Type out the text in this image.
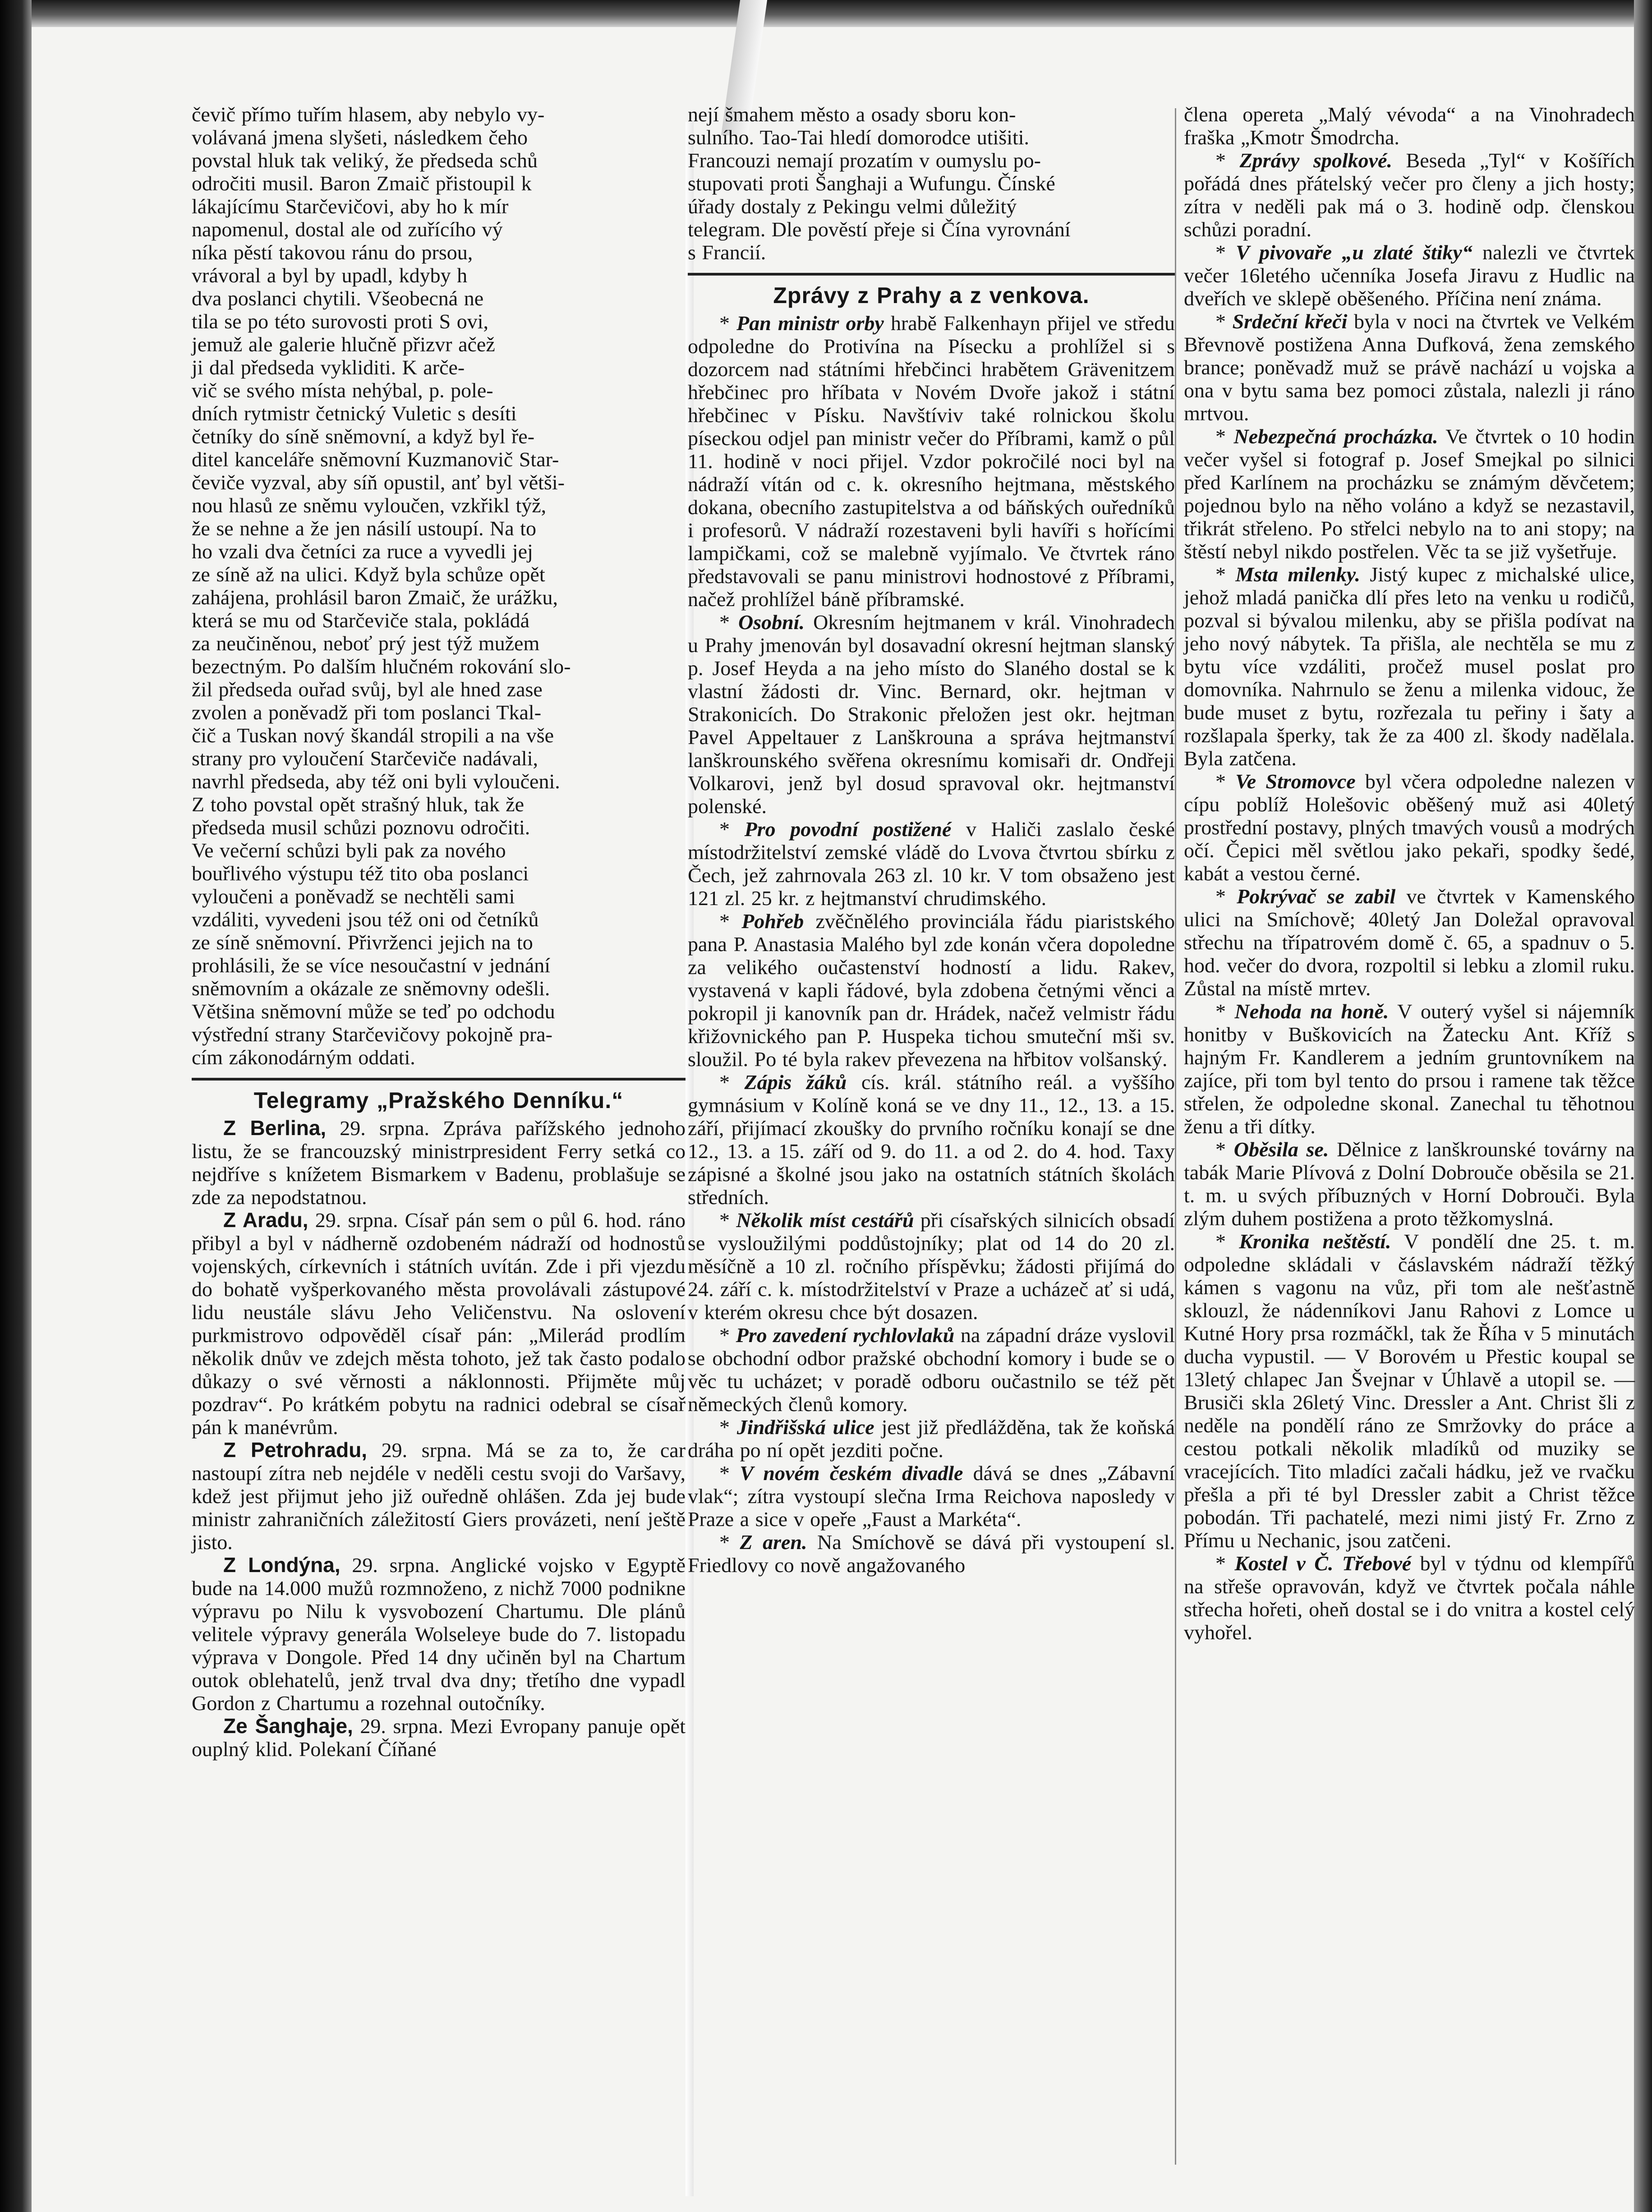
čevič přímo tuřím hlasem, aby nebylo vy-

volávaná jmena slyšeti, následkem čeho

povstal hluk tak veliký, že předseda schů

odročiti musil. Baron Zmaič přistoupil k

lákajícímu Starčevičovi, aby ho k mír

napomenul, dostal ale od zuřícího vý

níka pěstí takovou ránu do prsou,

vrávoral a byl by upadl, kdyby h

dva poslanci chytili. Všeobecná ne

tila se po této surovosti proti S ovi,

jemuž ale galerie hlučně přizvr ačež

ji dal předseda vykliditi. K arče-

vič se svého místa nehýbal, p. pole-

dních rytmistr četnický Vuletic s desíti

četníky do síně sněmovní, a když byl ře-

ditel kanceláře sněmovní Kuzmanovič Star-

čeviče vyzval, aby síň opustil, anť byl větši-

nou hlasů ze sněmu vyloučen, vzkřikl týž,

že se nehne a že jen násilí ustoupí. Na to

ho vzali dva četníci za ruce a vyvedli jej

ze síně až na ulici. Když byla schůze opět

zahájena, prohlásil baron Zmaič, že urážku,

která se mu od Starčeviče stala, pokládá

za neučiněnou, neboť prý jest týž mužem

bezectným. Po dalším hlučném rokování slo-

žil předseda ouřad svůj, byl ale hned zase

zvolen a poněvadž při tom poslanci Tkal-

čič a Tuskan nový škandál stropili a na vše

strany pro vyloučení Starčeviče nadávali,

navrhl předseda, aby též oni byli vyloučeni.

Z toho povstal opět strašný hluk, tak že

předseda musil schůzi poznovu odročiti.

Ve večerní schůzi byli pak za nového

bouřlivého výstupu též tito oba poslanci

vyloučeni a poněvadž se nechtěli sami

vzdáliti, vyvedeni jsou též oni od četníků

ze síně sněmovní. Přivrženci jejich na to

prohlásili, že se více nesoučastní v jednání

sněmovním a okázale ze sněmovny odešli.

Většina sněmovní může se teď po odchodu

výstřední strany Starčevičovy pokojně pra-

cím zákonodárným oddati.

Telegramy „Pražského Denníku.“

Z Berlina, 29. srpna. Zpráva pařížského jednoho listu, že se francouzský ministrpresident Ferry setká co nejdříve s knížetem Bismarkem v Badenu, problašuje se zde za nepodstatnou.

Z Aradu, 29. srpna. Císař pán sem o půl 6. hod. ráno přibyl a byl v nádherně ozdobeném nádraží od hodnostů vojenských, církevních i státních uvítán. Zde i při vjezdu do bohatě vyšperkovaného města provolávali zástupové lidu neustále slávu Jeho Veličenstvu. Na oslovení purkmistrovo odpověděl císař pán: „Milerád prodlím několik dnův ve zdejch města tohoto, jež tak často podalo důkazy o své věrnosti a náklonnosti. Přijměte můj pozdrav“. Po krátkém pobytu na radnici odebral se císař pán k manévrům.

Z Petrohradu, 29. srpna. Má se za to, že car nastoupí zítra neb nejdéle v neděli cestu svoji do Varšavy, kdež jest přijmut jeho již ouředně ohlášen. Zda jej bude ministr zahraničních záležitostí Giers provázeti, není ještě jisto.

Z Londýna, 29. srpna. Anglické vojsko v Egyptě bude na 14.000 mužů rozmnoženo, z nichž 7000 podnikne výpravu po Nilu k vysvobození Chartumu. Dle plánů velitele výpravy generála Wolseleye bude do 7. listopadu výprava v Dongole. Před 14 dny učiněn byl na Chartum outok oblehatelů, jenž trval dva dny; třetího dne vypadl Gordon z Chartumu a rozehnal outočníky.

Ze Šanghaje, 29. srpna. Mezi Evropany panuje opět ouplný klid. Polekaní Číňané

nejí šmahem město a osady sboru kon-

sulního. Tao-Tai hledí domorodce utišiti.

Francouzi nemají prozatím v oumyslu po-

stupovati proti Šanghaji a Wufungu. Čínské

úřady dostaly z Pekingu velmi důležitý

telegram. Dle pověstí přeje si Čína vyrovnání

s Francií.

Zprávy z Prahy a z venkova.

* Pan ministr orby hrabě Falkenhayn přijel ve středu odpoledne do Protivína na Písecku a prohlížel si s dozorcem nad státními hřebčinci hrabětem Grävenitzem hřebčinec pro hříbata v Novém Dvoře jakož i státní hřebčinec v Písku. Navštíviv také rolnickou školu píseckou odjel pan ministr večer do Příbrami, kamž o půl 11. hodině v noci přijel. Vzdor pokročilé noci byl na nádraží vítán od c. k. okresního hejtmana, městského dokana, obecního zastupitelstva a od báňských ouředníků i profesorů. V nádraží rozestaveni byli havíři s hořícími lampičkami, což se malebně vyjímalo. Ve čtvrtek ráno představovali se panu ministrovi hodnostové z Příbrami, načež prohlížel báně příbramské.

* Osobní. Okresním hejtmanem v král. Vinohradech u Prahy jmenován byl dosavadní okresní hejtman slanský p. Josef Heyda a na jeho místo do Slaného dostal se k vlastní žádosti dr. Vinc. Bernard, okr. hejtman v Strakonicích. Do Strakonic přeložen jest okr. hejtman Pavel Appeltauer z Lanškrouna a správa hejtmanství lanškrounského svěřena okresnímu komisaři dr. Ondřeji Volkarovi, jenž byl dosud spravoval okr. hejtmanství polenské.

* Pro povodní postižené v Haliči zaslalo české místodržitelství zemské vládě do Lvova čtvrtou sbírku z Čech, jež zahrnovala 263 zl. 10 kr. V tom obsaženo jest 121 zl. 25 kr. z hejtmanství chrudimského.

* Pohřeb zvěčnělého provinciála řádu piaristského pana P. Anastasia Malého byl zde konán včera dopoledne za velikého oučastenství hodností a lidu. Rakev, vystavená v kapli řádové, byla zdobena četnými věnci a pokropil ji kanovník pan dr. Hrádek, načež velmistr řádu křižovnického pan P. Huspeka tichou smuteční mši sv. sloužil. Po té byla rakev převezena na hřbitov volšanský.

* Zápis žáků cís. král. státního reál. a vyššího gymnásium v Kolíně koná se ve dny 11., 12., 13. a 15. září, přijímací zkoušky do prvního ročníku konají se dne 12., 13. a 15. září od 9. do 11. a od 2. do 4. hod. Taxy zápisné a školné jsou jako na ostatních státních školách středních.

* Několik míst cestářů při císařských silnicích obsadí se vysloužilými poddůstojníky; plat od 14 do 20 zl. měsíčně a 10 zl. ročního příspěvku; žádosti přijímá do 24. září c. k. místodržitelství v Praze a ucházeč ať si udá, v kterém okresu chce být dosazen.

* Pro zavedení rychlovlaků na západní dráze vyslovil se obchodní odbor pražské obchodní komory i bude se o věc tu ucházet; v poradě odboru oučastnilo se též pět německých členů komory.

* Jindřišská ulice jest již předlážděna, tak že koňská dráha po ní opět jezditi počne.

* V novém českém divadle dává se dnes „Zábavní vlak“; zítra vystoupí slečna Irma Reichova naposledy v Praze a sice v opeře „Faust a Markéta“.

* Z aren. Na Smíchově se dává při vystoupení sl. Friedlovy co nově angažovaného

člena opereta „Malý vévoda“ a na Vinohradech fraška „Kmotr Šmodrcha.

* Zprávy spolkové. Beseda „Tyl“ v Košířích pořádá dnes přátelský večer pro členy a jich hosty; zítra v neděli pak má o 3. hodině odp. členskou schůzi poradní.

* V pivovaře „u zlaté štiky“ nalezli ve čtvrtek večer 16letého učenníka Josefa Jiravu z Hudlic na dveřích ve sklepě oběšeného. Příčina není známa.

* Srdeční křeči byla v noci na čtvrtek ve Velkém Břevnově postižena Anna Dufková, žena zemského brance; poněvadž muž se právě nachází u vojska a ona v bytu sama bez pomoci zůstala, nalezli ji ráno mrtvou.

* Nebezpečná procházka. Ve čtvrtek o 10 hodin večer vyšel si fotograf p. Josef Smejkal po silnici před Karlínem na procházku se známým děvčetem; pojednou bylo na něho voláno a když se nezastavil, třikrát střeleno. Po střelci nebylo na to ani stopy; na štěstí nebyl nikdo postřelen. Věc ta se již vyšetřuje.

* Msta milenky. Jistý kupec z michalské ulice, jehož mladá panička dlí přes leto na venku u rodičů, pozval si bývalou milenku, aby se přišla podívat na jeho nový nábytek. Ta přišla, ale nechtěla se mu z bytu více vzdáliti, pročež musel poslat pro domovníka. Nahrnulo se ženu a milenka vidouc, že bude muset z bytu, rozřezala tu peřiny i šaty a rozšlapala šperky, tak že za 400 zl. škody nadělala. Byla zatčena.

* Ve Stromovce byl včera odpoledne nalezen v cípu poblíž Holešovic oběšený muž asi 40letý prostřední postavy, plných tmavých vousů a modrých očí. Čepici měl světlou jako pekaři, spodky šedé, kabát a vestou černé.

* Pokrývač se zabil ve čtvrtek v Kamenského ulici na Smíchově; 40letý Jan Doležal opravoval střechu na třípatrovém domě č. 65, a spadnuv o 5. hod. večer do dvora, rozpoltil si lebku a zlomil ruku. Zůstal na místě mrtev.

* Nehoda na honě. V outerý vyšel si nájemník honitby v Buškovicích na Žatecku Ant. Kříž s hajným Fr. Kandlerem a jedním gruntovníkem na zajíce, při tom byl tento do prsou i ramene tak těžce střelen, že odpoledne skonal. Zanechal tu těhotnou ženu a tři dítky.

* Oběsila se. Dělnice z lanškrounské továrny na tabák Marie Plívová z Dolní Dobrouče oběsila se 21. t. m. u svých příbuzných v Horní Dobrouči. Byla zlým duhem postižena a proto těžkomyslná.

* Kronika neštěstí. V pondělí dne 25. t. m. odpoledne skládali v čáslavském nádraží těžký kámen s vagonu na vůz, při tom ale nešťastně sklouzl, že nádenníkovi Janu Rahovi z Lomce u Kutné Hory prsa rozmáčkl, tak že Říha v 5 minutách ducha vypustil. — V Borovém u Přestic koupal se 13letý chlapec Jan Švejnar v Úhlavě a utopil se. — Brusiči skla 26letý Vinc. Dressler a Ant. Christ šli z neděle na pondělí ráno ze Smržovky do práce a cestou potkali několik mladíků od muziky se vracejících. Tito mladíci začali hádku, jež ve rvačku přešla a při té byl Dressler zabit a Christ těžce pobodán. Tři pachatelé, mezi nimi jistý Fr. Zrno z Přímu u Nechanic, jsou zatčeni.

* Kostel v Č. Třebové byl v týdnu od klempířů na střeše opravován, když ve čtvrtek počala náhle střecha hořeti, oheň dostal se i do vnitra a kostel celý vyhořel.
